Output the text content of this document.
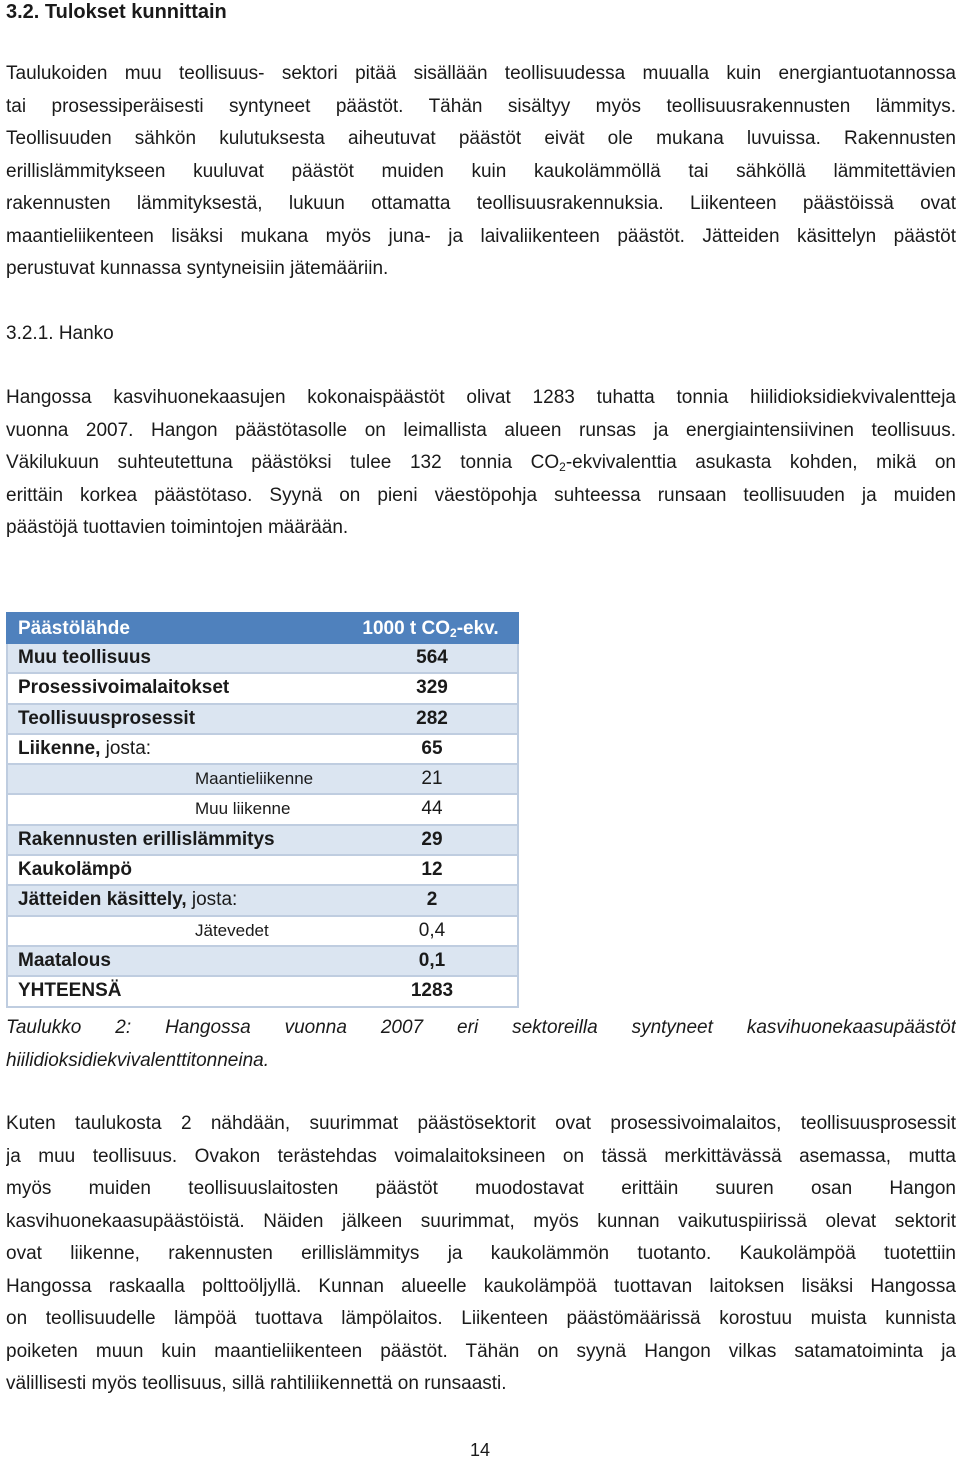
3.2. Tulokset kunnittain
Taulukoiden muu teollisuus- sektori pitää sisällään teollisuudessa muualla kuin energiantuotannossa
tai prosessiperäisesti syntyneet päästöt. Tähän sisältyy myös teollisuusrakennusten lämmitys.
Teollisuuden sähkön kulutuksesta aiheutuvat päästöt eivät ole mukana luvuissa. Rakennusten
erillislämmitykseen kuuluvat päästöt muiden kuin kaukolämmöllä tai sähköllä lämmitettävien
rakennusten lämmityksestä, lukuun ottamatta teollisuusrakennuksia. Liikenteen päästöissä ovat
maantieliikenteen lisäksi mukana myös juna- ja laivaliikenteen päästöt. Jätteiden käsittelyn päästöt
perustuvat kunnassa syntyneisiin jätemääriin.
3.2.1. Hanko
Hangossa kasvihuonekaasujen kokonaispäästöt olivat 1283 tuhatta tonnia hiilidioksidiekvivalentteja
vuonna 2007. Hangon päästötasolle on leimallista alueen runsas ja energiaintensiivinen teollisuus.
Väkilukuun suhteutettuna päästöksi tulee 132 tonnia $CO_2$-ekvivalenttia asukasta kohden, mikä on
erittäin korkea päästötaso. Syynä on pieni väestöpohja suhteessa runsaan teollisuuden ja muiden
päästöjä tuottavien toimintojen määrään.
Päästölähde	1000 t $CO_2$-ekv.
Muu teollisuus	564
Prosessivoimalaitokset	329
Teollisuusprosessit	282
Liikenne, josta:	65
Maantieliikenne	21
Muu liikenne	44
Rakennusten erillislämmitys	29
Kaukolämpö	12
Jätteiden käsittely, josta:	2
Jätevedet	0,4
Maatalous	0,1
YHTEENSÄ	1283
Taulukko 2: Hangossa vuonna 2007 eri sektoreilla syntyneet kasvihuonekaasupäästöt
hiilidioksidiekvivalenttitonneina.
Kuten taulukosta 2 nähdään, suurimmat päästösektorit ovat prosessivoimalaitos, teollisuusprosessit
ja muu teollisuus. Ovakon terästehdas voimalaitoksineen on tässä merkittävässä asemassa, mutta
myös muiden teollisuuslaitosten päästöt muodostavat erittäin suuren osan Hangon
kasvihuonekaasupäästöistä. Näiden jälkeen suurimmat, myös kunnan vaikutuspiirissä olevat sektorit
ovat liikenne, rakennusten erillislämmitys ja kaukolämmön tuotanto. Kaukolämpöä tuotettiin
Hangossa raskaalla polttoöljyllä. Kunnan alueelle kaukolämpöä tuottavan laitoksen lisäksi Hangossa
on teollisuudelle lämpöä tuottava lämpölaitos. Liikenteen päästömäärissä korostuu muista kunnista
poiketen muun kuin maantieliikenteen päästöt. Tähän on syynä Hangon vilkas satamatoiminta ja
välillisesti myös teollisuus, sillä rahtiliikennettä on runsaasti.
14
